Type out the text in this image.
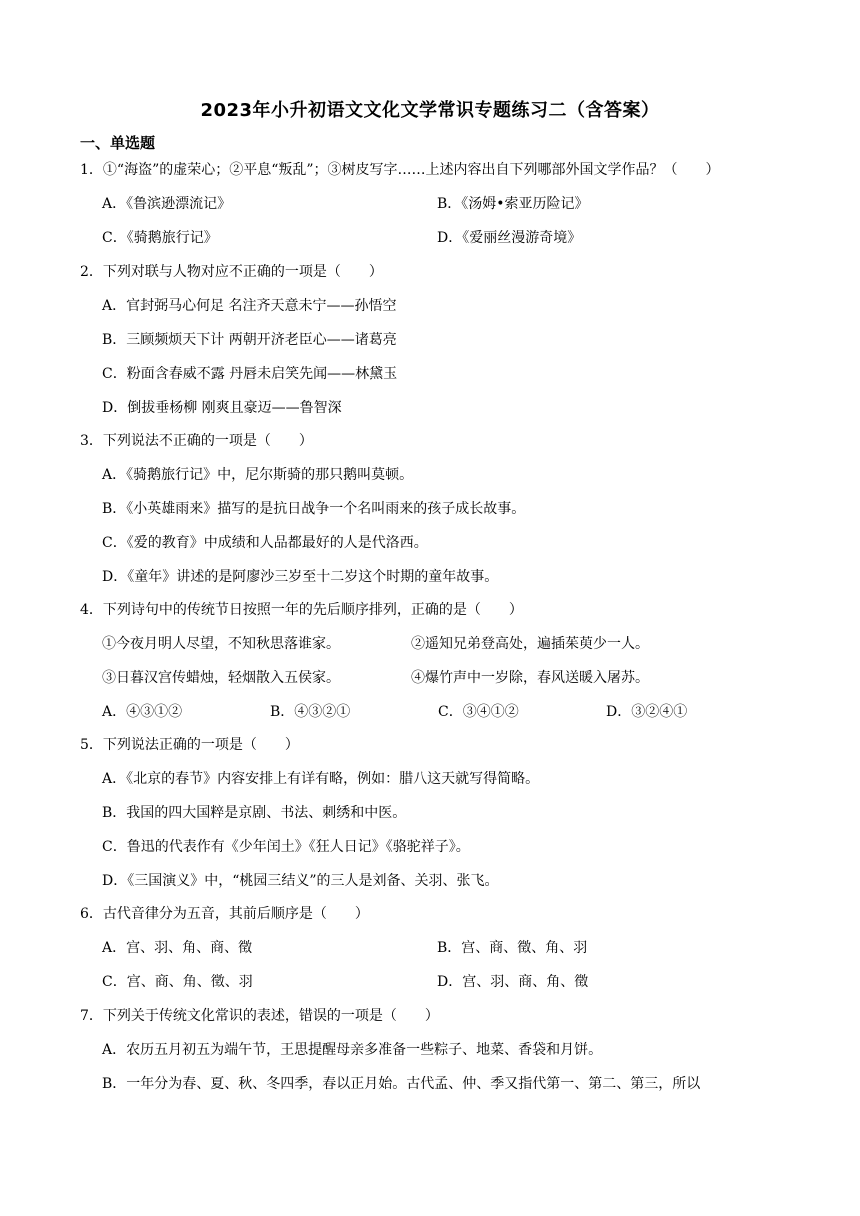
2023年小升初语文文化文学常识专题练习二（含答案）
一、单选题
1．①“海盗”的虚荣心；②平息“叛乱”；③树皮写字……上述内容出自下列哪部外国文学作品？（　　）
A．《鲁滨逊漂流记》	B．《汤姆•索亚历险记》
C．《骑鹅旅行记》	D．《爱丽丝漫游奇境》
2．下列对联与人物对应不正确的一项是（　　）
A．官封弼马心何足 名注齐天意未宁——孙悟空
B．三顾频烦天下计 两朝开济老臣心——诸葛亮
C．粉面含春威不露 丹唇未启笑先闻——林黛玉
D．倒拔垂杨柳 刚爽且豪迈——鲁智深
3．下列说法不正确的一项是（　　）
A．《骑鹅旅行记》中，尼尔斯骑的那只鹅叫莫顿。
B．《小英雄雨来》描写的是抗日战争一个名叫雨来的孩子成长故事。
C．《爱的教育》中成绩和人品都最好的人是代洛西。
D．《童年》讲述的是阿廖沙三岁至十二岁这个时期的童年故事。
4．下列诗句中的传统节日按照一年的先后顺序排列，正确的是（　　）
①今夜月明人尽望，不知秋思落谁家。	②遥知兄弟登高处，遍插茱萸少一人。
③日暮汉宫传蜡烛，轻烟散入五侯家。	④爆竹声中一岁除，春风送暖入屠苏。
A．④③①②	B．④③②①	C．③④①②	D．③②④①
5．下列说法正确的一项是（　　）
A．《北京的春节》内容安排上有详有略，例如：腊八这天就写得简略。
B．我国的四大国粹是京剧、书法、刺绣和中医。
C．鲁迅的代表作有《少年闰土》《狂人日记》《骆驼祥子》。
D．《三国演义》中，“桃园三结义”的三人是刘备、关羽、张飞。
6．古代音律分为五音，其前后顺序是（　　）
A．宫、羽、角、商、徵	B．宫、商、徵、角、羽
C．宫、商、角、徵、羽	D．宫、羽、商、角、徵
7．下列关于传统文化常识的表述，错误的一项是（　　）
A．农历五月初五为端午节，王思提醒母亲多准备一些粽子、地菜、香袋和月饼。
B．一年分为春、夏、秋、冬四季，春以正月始。古代孟、仲、季又指代第一、第二、第三，所以
